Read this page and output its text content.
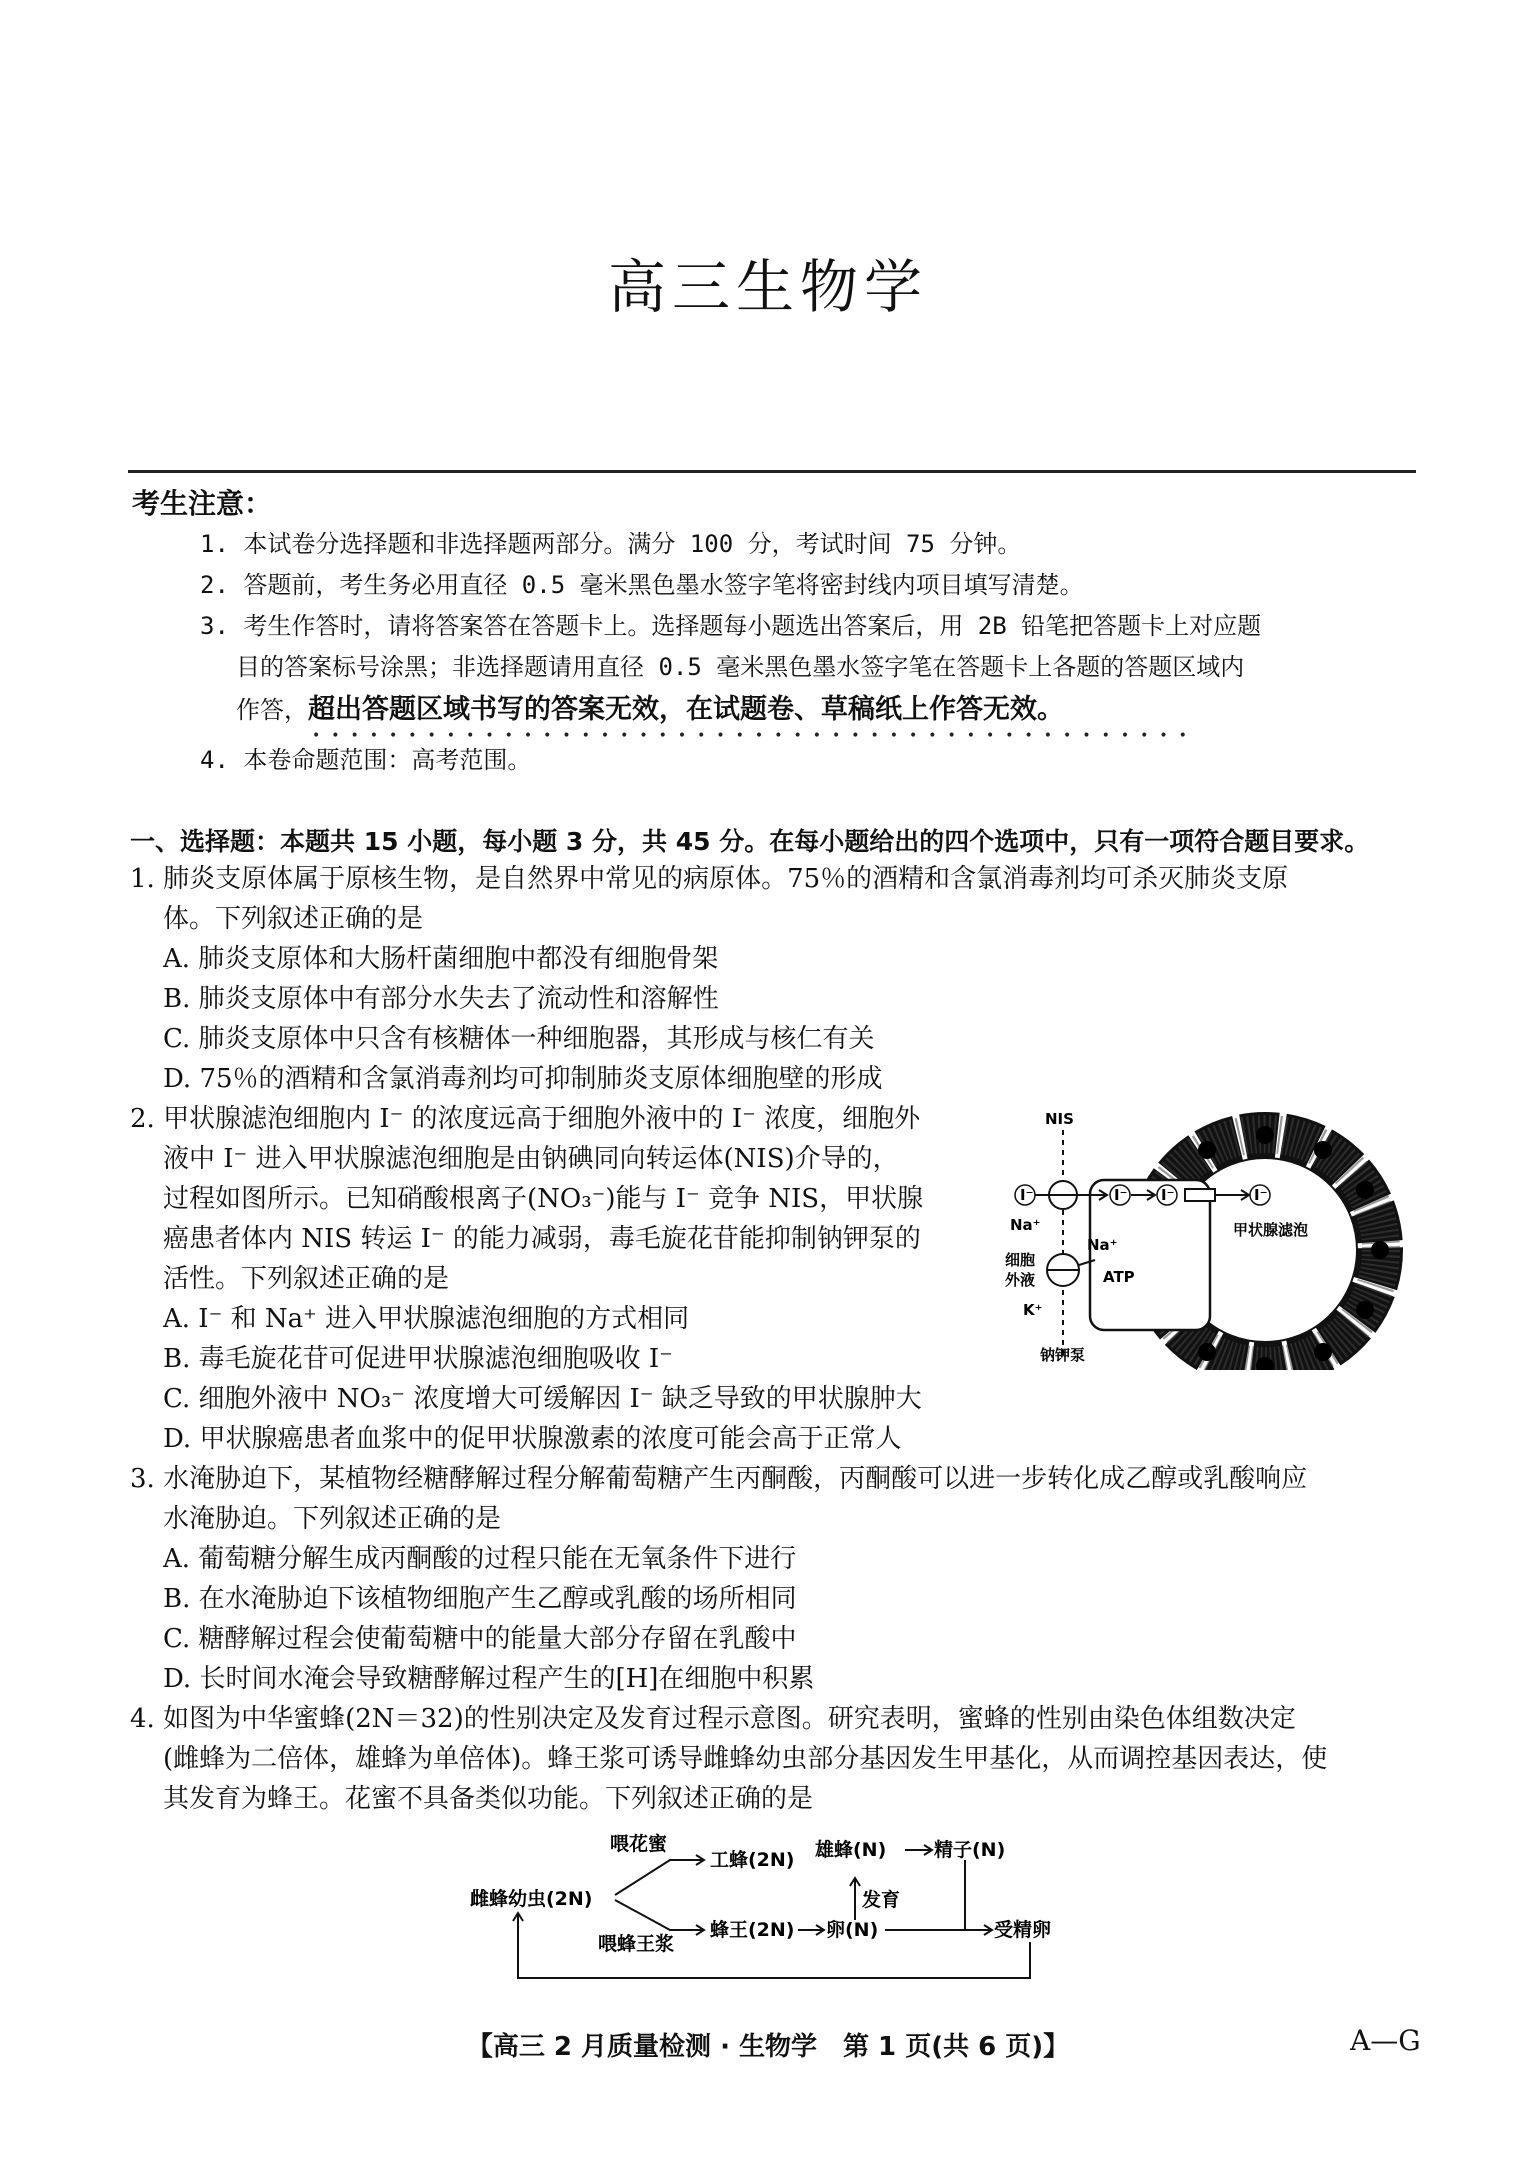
高三生物学
考生注意：
1. 本试卷分选择题和非选择题两部分。满分 100 分，考试时间 75 分钟。
2. 答题前，考生务必用直径 0.5 毫米黑色墨水签字笔将密封线内项目填写清楚。
3. 考生作答时，请将答案答在答题卡上。选择题每小题选出答案后，用 2B 铅笔把答题卡上对应题
目的答案标号涂黑；非选择题请用直径 0.5 毫米黑色墨水签字笔在答题卡上各题的答题区域内
作答，超出答题区域书写的答案无效，在试题卷、草稿纸上作答无效。
••••••••••••••••••••••••••••••••••••••••••••••
4. 本卷命题范围：高考范围。
一、选择题：本题共 15 小题，每小题 3 分，共 45 分。在每小题给出的四个选项中，只有一项符合题目要求。
1. 肺炎支原体属于原核生物，是自然界中常见的病原体。75％的酒精和含氯消毒剂均可杀灭肺炎支原
体。下列叙述正确的是
A. 肺炎支原体和大肠杆菌细胞中都没有细胞骨架
B. 肺炎支原体中有部分水失去了流动性和溶解性
C. 肺炎支原体中只含有核糖体一种细胞器，其形成与核仁有关
D. 75％的酒精和含氯消毒剂均可抑制肺炎支原体细胞壁的形成
2. 甲状腺滤泡细胞内 I⁻ 的浓度远高于细胞外液中的 I⁻ 浓度，细胞外
液中 I⁻ 进入甲状腺滤泡细胞是由钠碘同向转运体(NIS)介导的，
过程如图所示。已知硝酸根离子(NO₃⁻)能与 I⁻ 竞争 NIS，甲状腺
癌患者体内 NIS 转运 I⁻ 的能力减弱，毒毛旋花苷能抑制钠钾泵的
活性。下列叙述正确的是
A. I⁻ 和 Na⁺ 进入甲状腺滤泡细胞的方式相同
B. 毒毛旋花苷可促进甲状腺滤泡细胞吸收 I⁻
C. 细胞外液中 NO₃⁻ 浓度增大可缓解因 I⁻ 缺乏导致的甲状腺肿大
D. 甲状腺癌患者血浆中的促甲状腺激素的浓度可能会高于正常人
I⁻	I⁻ I⁻	I⁻
NIS
Na⁺
Na⁺
ATP
K⁺
细胞
外液
钠钾泵
甲状腺滤泡
3. 水淹胁迫下，某植物经糖酵解过程分解葡萄糖产生丙酮酸，丙酮酸可以进一步转化成乙醇或乳酸响应
水淹胁迫。下列叙述正确的是
A. 葡萄糖分解生成丙酮酸的过程只能在无氧条件下进行
B. 在水淹胁迫下该植物细胞产生乙醇或乳酸的场所相同
C. 糖酵解过程会使葡萄糖中的能量大部分存留在乳酸中
D. 长时间水淹会导致糖酵解过程产生的[H]在细胞中积累
4. 如图为中华蜜蜂(2N＝32)的性别决定及发育过程示意图。研究表明，蜜蜂的性别由染色体组数决定
(雌蜂为二倍体，雄蜂为单倍体)。蜂王浆可诱导雌蜂幼虫部分基因发生甲基化，从而调控基因表达，使
其发育为蜂王。花蜜不具备类似功能。下列叙述正确的是
雌蜂幼虫(2N)
喂花蜜
喂蜂王浆
工蜂(2N)
蜂王(2N) 卵(N)
雄蜂(N)	精子(N)
发育
受精卵
【高三 2 月质量检测 · 生物学　第 1 页(共 6 页)】	A—G
